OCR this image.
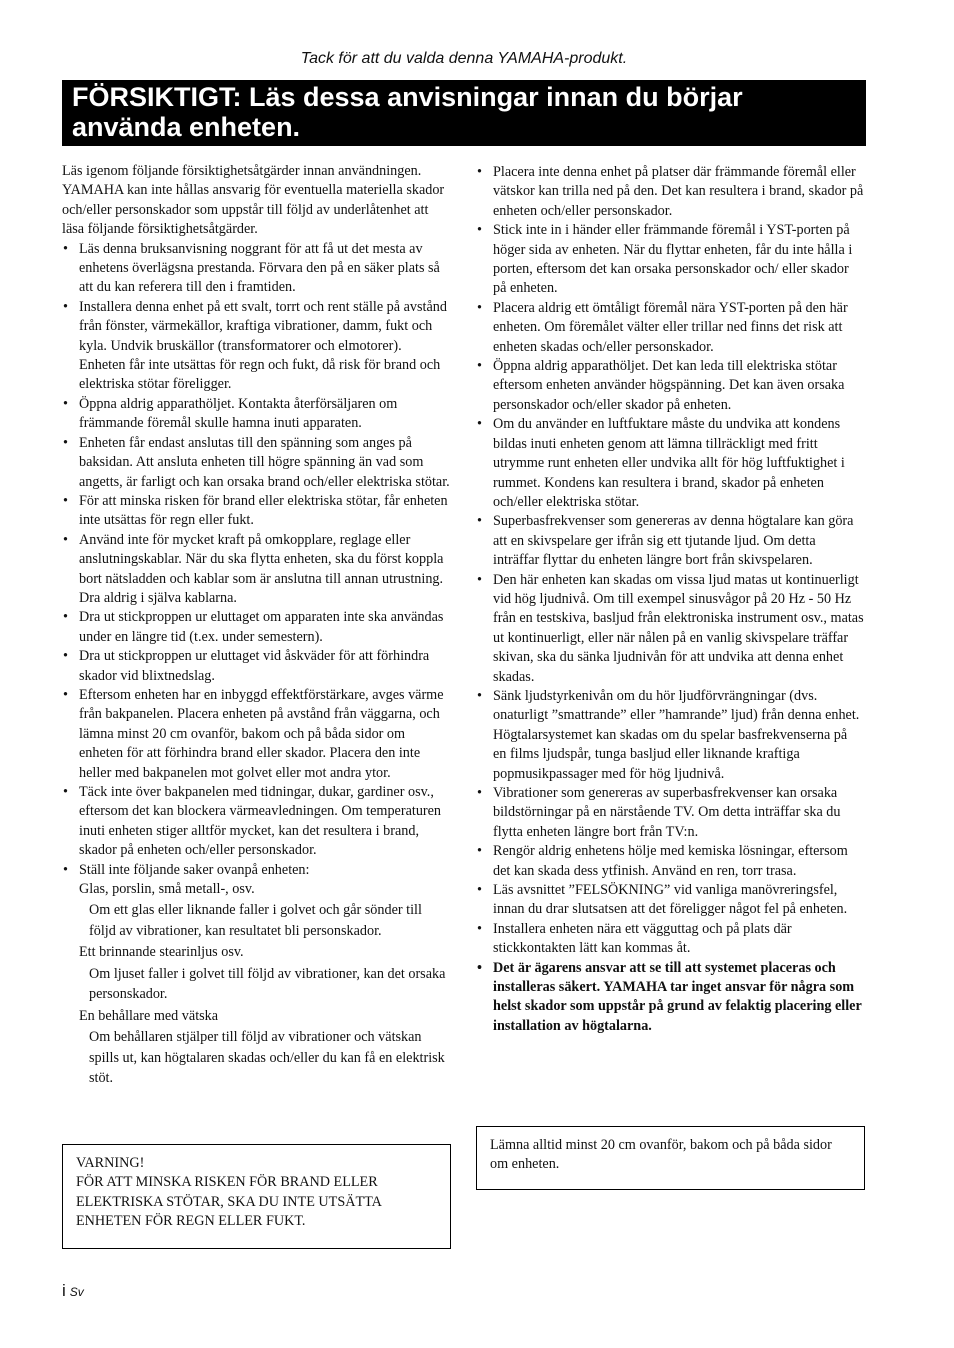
Tack för att du valda denna YAMAHA-produkt.
FÖRSIKTIGT: Läs dessa anvisningar innan du börjar
använda enheten.

Läs igenom följande försiktighetsåtgärder innan användningen. YAMAHA kan inte hållas ansvarig för eventuella materiella skador och/eller personskador som uppstår till följd av underlåtenhet att läsa följande försiktighetsåtgärder.

• Läs denna bruksanvisning noggrant för att få ut det mesta av enhetens överlägsna prestanda. Förvara den på en säker plats så att du kan referera till den i framtiden.
• Installera denna enhet på ett svalt, torrt och rent ställe på avstånd från fönster, värmekällor, kraftiga vibrationer, damm, fukt och kyla. Undvik bruskällor (transformatorer och elmotorer). Enheten får inte utsättas för regn och fukt, då risk för brand och elektriska stötar föreligger.
• Öppna aldrig apparathöljet. Kontakta återförsäljaren om främmande föremål skulle hamna inuti apparaten.
• Enheten får endast anslutas till den spänning som anges på baksidan. Att ansluta enheten till högre spänning än vad som angetts, är farligt och kan orsaka brand och/eller elektriska stötar.
• För att minska risken för brand eller elektriska stötar, får enheten inte utsättas för regn eller fukt.
• Använd inte för mycket kraft på omkopplare, reglage eller anslutningskablar. När du ska flytta enheten, ska du först koppla bort nätsladden och kablar som är anslutna till annan utrustning. Dra aldrig i själva kablarna.
• Dra ut stickproppen ur eluttaget om apparaten inte ska användas under en längre tid (t.ex. under semestern).
• Dra ut stickproppen ur eluttaget vid åskväder för att förhindra skador vid blixtnedslag.
• Eftersom enheten har en inbyggd effektförstärkare, avges värme från bakpanelen. Placera enheten på avstånd från väggarna, och lämna minst 20 cm ovanför, bakom och på båda sidor om enheten för att förhindra brand eller skador. Placera den inte heller med bakpanelen mot golvet eller mot andra ytor.
• Täck inte över bakpanelen med tidningar, dukar, gardiner osv., eftersom det kan blockera värmeavledningen. Om temperaturen inuti enheten stiger alltför mycket, kan det resultera i brand, skador på enheten och/eller personskador.
• Ställ inte följande saker ovanpå enheten:
Glas, porslin, små metall-, osv.
Om ett glas eller liknande faller i golvet och går sönder till följd av vibrationer, kan resultatet bli personskador.
Ett brinnande stearinljus osv.
Om ljuset faller i golvet till följd av vibrationer, kan det orsaka personskador.
En behållare med vätska
Om behållaren stjälper till följd av vibrationer och vätskan spills ut, kan högtalaren skadas och/eller du kan få en elektrisk stöt.
VARNING!
FÖR ATT MINSKA RISKEN FÖR BRAND ELLER ELEKTRISKA STÖTAR, SKA DU INTE UTSÄTTA ENHETEN FÖR REGN ELLER FUKT.
• Placera inte denna enhet på platser där främmande föremål eller vätskor kan trilla ned på den. Det kan resultera i brand, skador på enheten och/eller personskador.
• Stick inte in i händer eller främmande föremål i YST-porten på höger sida av enheten. När du flyttar enheten, får du inte hålla i porten, eftersom det kan orsaka personskador och/ eller skador på enheten.
• Placera aldrig ett ömtåligt föremål nära YST-porten på den här enheten. Om föremålet välter eller trillar ned finns det risk att enheten skadas och/eller personskador.
• Öppna aldrig apparathöljet. Det kan leda till elektriska stötar eftersom enheten använder högspänning. Det kan även orsaka personskador och/eller skador på enheten.
• Om du använder en luftfuktare måste du undvika att kondens bildas inuti enheten genom att lämna tillräckligt med fritt utrymme runt enheten eller undvika allt för hög luftfuktighet i rummet. Kondens kan resultera i brand, skador på enheten och/eller elektriska stötar.
• Superbasfrekvenser som genereras av denna högtalare kan göra att en skivspelare ger ifrån sig ett tjutande ljud. Om detta inträffar flyttar du enheten längre bort från skivspelaren.
• Den här enheten kan skadas om vissa ljud matas ut kontinuerligt vid hög ljudnivå. Om till exempel sinusvågor på 20 Hz - 50 Hz från en testskiva, basljud från elektroniska instrument osv., matas ut kontinuerligt, eller när nålen på en vanlig skivspelare träffar skivan, ska du sänka ljudnivån för att undvika att denna enhet skadas.
• Sänk ljudstyrkenivån om du hör ljudförvrängningar (dvs. onaturligt ”smattrande” eller ”hamrande” ljud) från denna enhet. Högtalarsystemet kan skadas om du spelar basfrekvenserna på en films ljudspår, tunga basljud eller liknande kraftiga popmusikpassager med för hög ljudnivå.
• Vibrationer som genereras av superbasfrekvenser kan orsaka bildstörningar på en närstående TV. Om detta inträffar ska du flytta enheten längre bort från TV:n.
• Rengör aldrig enhetens hölje med kemiska lösningar, eftersom det kan skada dess ytfinish. Använd en ren, torr trasa.
• Läs avsnittet ”FELSÖKNING” vid vanliga manövreringsfel, innan du drar slutsatsen att det föreligger något fel på enheten.
• Installera enheten nära ett vägguttag och på plats där stickkontakten lätt kan kommas åt.
• Det är ägarens ansvar att se till att systemet placeras och installeras säkert. YAMAHA tar inget ansvar för några som helst skador som uppstår på grund av felaktig placering eller installation av högtalarna.
Lämna alltid minst 20 cm ovanför, bakom och på båda sidor om enheten.
i Sv
